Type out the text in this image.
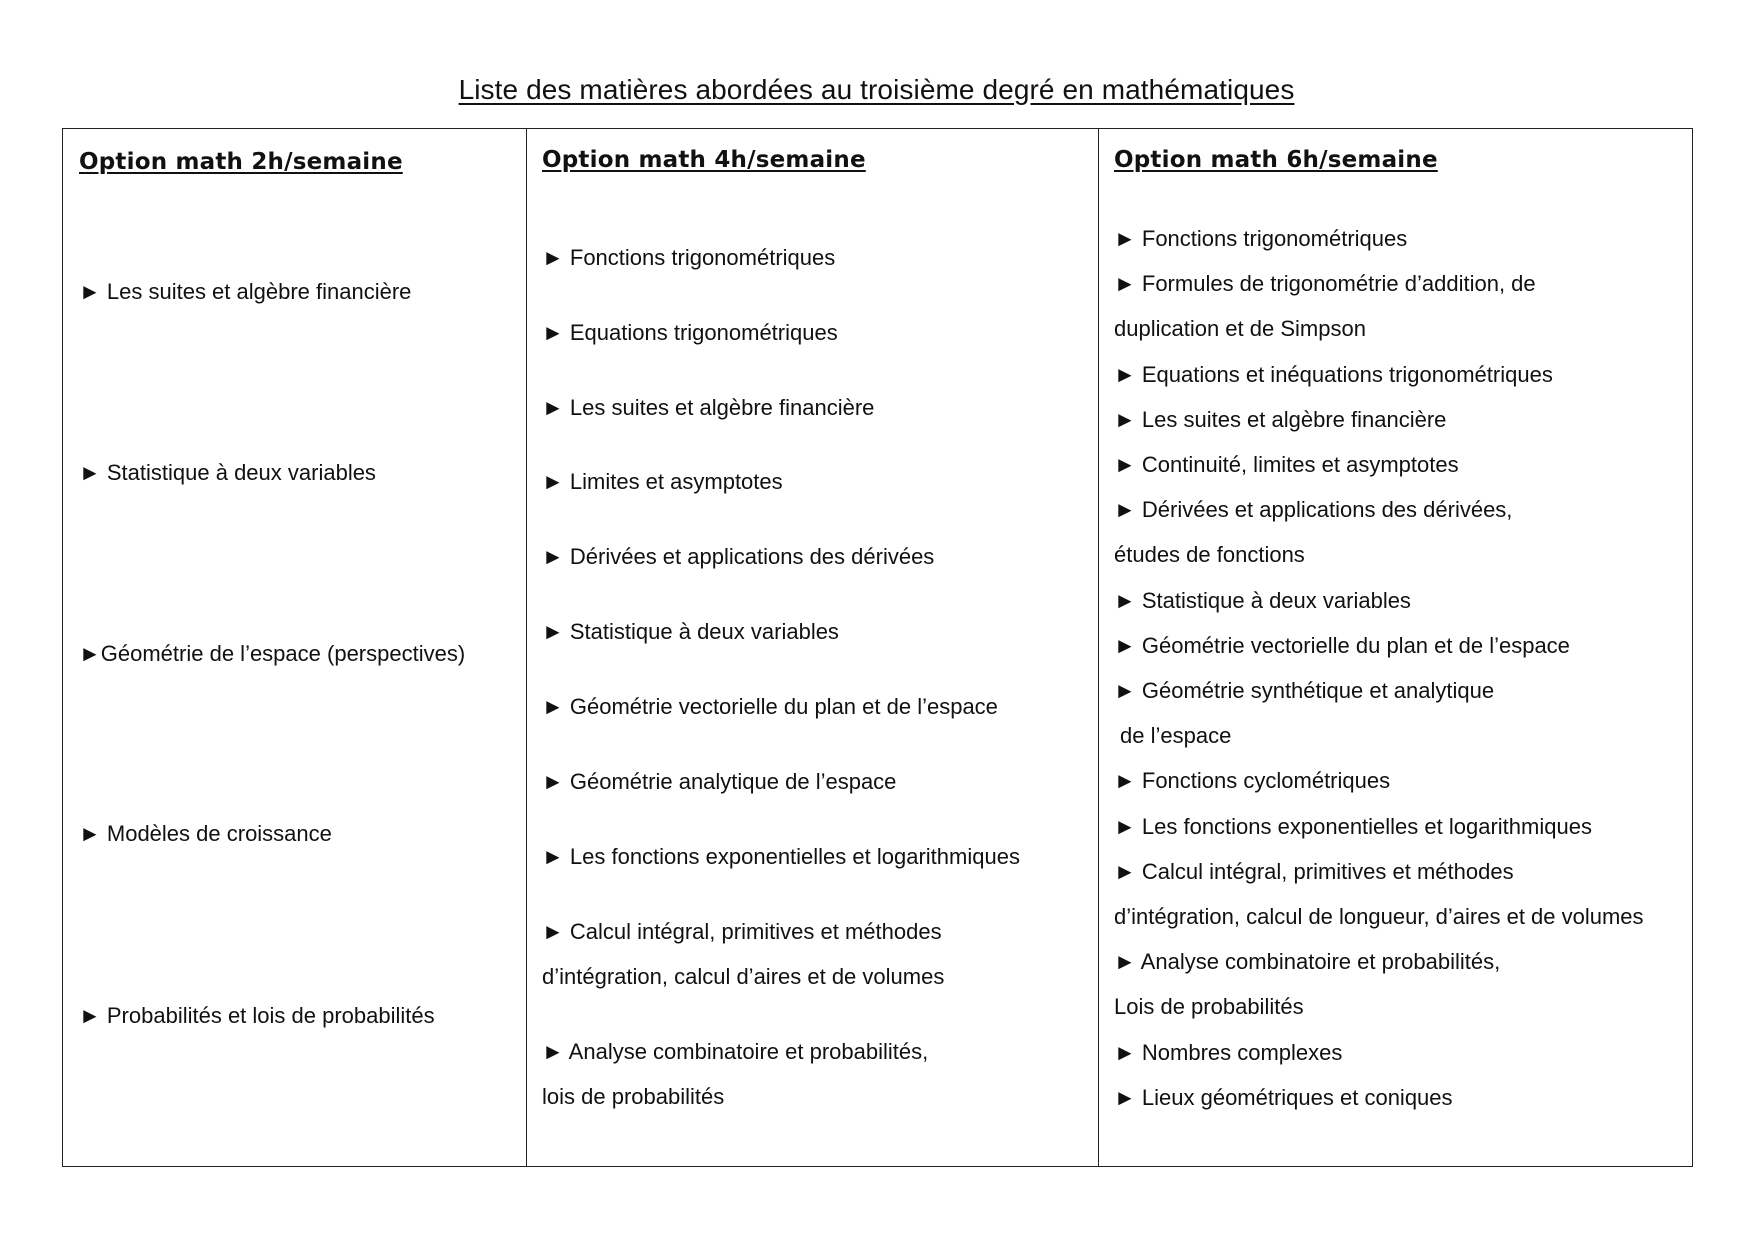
Liste des matières abordées au troisième degré en mathématiques
Option math 2h/semaine
► Les suites et algèbre financière
► Statistique à deux variables
►Géométrie de l’espace (perspectives)
► Modèles de croissance
► Probabilités et lois de probabilités
Option math 4h/semaine
► Fonctions trigonométriques
► Equations trigonométriques
► Les suites et algèbre financière
► Limites et asymptotes
► Dérivées et applications des dérivées
► Statistique à deux variables
► Géométrie vectorielle du plan et de l’espace
► Géométrie analytique de l’espace
► Les fonctions exponentielles et logarithmiques
► Calcul intégral, primitives et méthodes
d’intégration, calcul d’aires et de volumes
► Analyse combinatoire et probabilités,
lois de probabilités
Option math 6h/semaine
► Fonctions trigonométriques
► Formules de trigonométrie d’addition, de
duplication et de Simpson
► Equations et inéquations trigonométriques
► Les suites et algèbre financière
► Continuité, limites et asymptotes
► Dérivées et applications des dérivées,
études de fonctions
► Statistique à deux variables
► Géométrie vectorielle du plan et de l’espace
► Géométrie synthétique et analytique
de l’espace
► Fonctions cyclométriques
► Les fonctions exponentielles et logarithmiques
► Calcul intégral, primitives et méthodes
d’intégration, calcul de longueur, d’aires et de volumes
► Analyse combinatoire et probabilités,
Lois de probabilités
► Nombres complexes
► Lieux géométriques et coniques
